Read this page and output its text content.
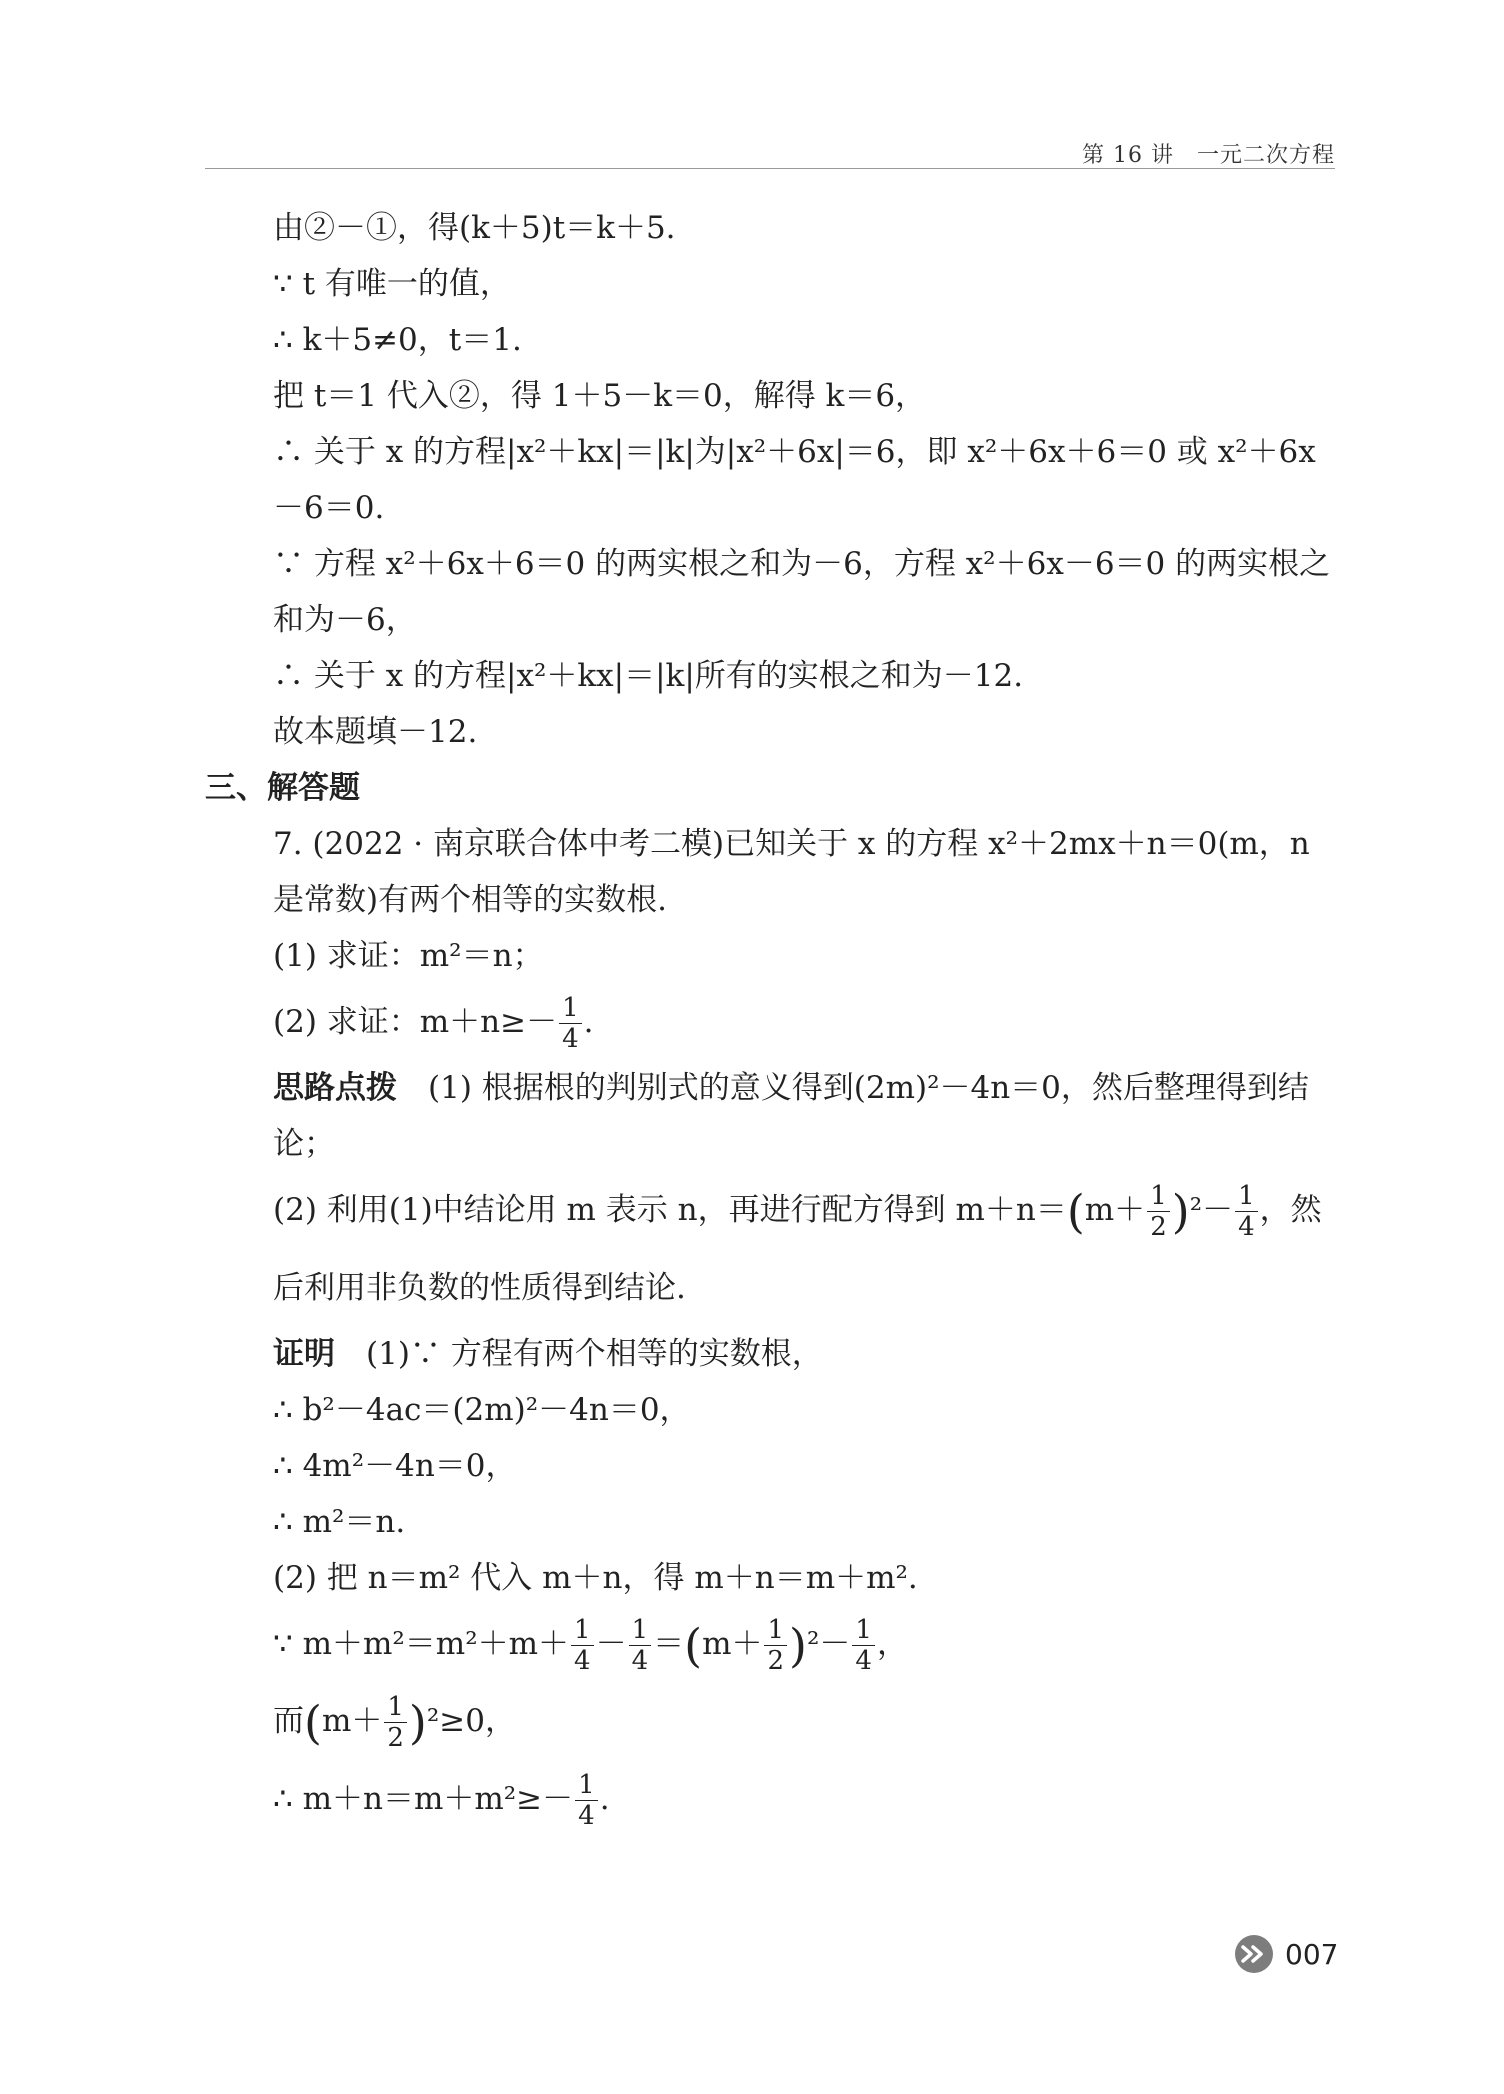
第 16 讲　一元二次方程
由②－①，得(k＋5)t＝k＋5.
∵ t 有唯一的值，
∴ k＋5≠0，t＝1.
把 t＝1 代入②，得 1＋5－k＝0，解得 k＝6，
∴ 关于 x 的方程|x²＋kx|＝|k|为|x²＋6x|＝6，即 x²＋6x＋6＝0 或 x²＋6x－6＝0.
∵ 方程 x²＋6x＋6＝0 的两实根之和为－6，方程 x²＋6x－6＝0 的两实根之和为－6，
∴ 关于 x 的方程|x²＋kx|＝|k|所有的实根之和为－12.
故本题填－12.
三、解答题
7. (2022 · 南京联合体中考二模)已知关于 x 的方程 x²＋2mx＋n＝0(m，n 是常数)有两个相等的实数根.
(1) 求证：m²＝n；
(2) 求证：$m+n\ge- \frac{1}{4}$ .
思路点拨　 (1) 根据根的判别式的意义得到(2m)²－4n＝0，然后整理得到结论；
(2) 利用(1)中结论用 m 表示 n，再进行配方得到 $m+n=(m+ \frac{1}{2} )^2- \frac{1}{4}$ ，然后利用非负数的性质得到结论.
证明　 (1)∵ 方程有两个相等的实数根，
∴ b²－4ac＝(2m)²－4n＝0，
∴ 4m²－4n＝0，
∴ m²＝n.
(2) 把 n＝m² 代入 m＋n，得 m＋n＝m＋m².
∵ $m+m^2=m^2+m+ \frac{1}{4} - \frac{1}{4} =(m+ \frac{1}{2} )^2- \frac{1}{4}$ ，
而$(m+ \frac{1}{2} )^2\ge 0$，
∴ $m+n=m+m^2\ge- \frac{1}{4}$ .
007
